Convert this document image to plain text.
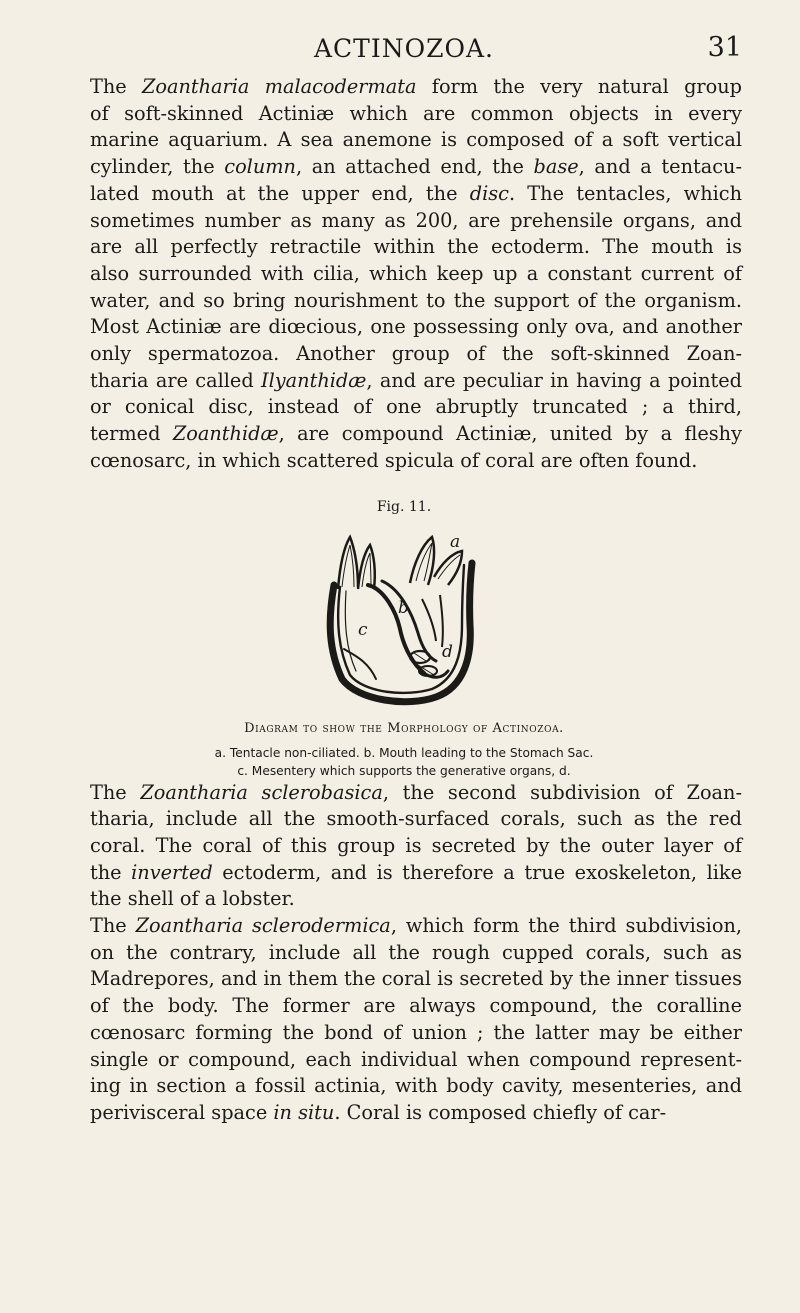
ACTINOZOA.	31

The Zoantharia malacodermata form the very natural group
of soft-skinned Actiniæ which are common objects in every
marine aquarium. A sea anemone is composed of a soft vertical
cylinder, the column, an attached end, the base, and a tentacu-
lated mouth at the upper end, the disc. The tentacles, which
sometimes number as many as 200, are prehensile organs, and
are all perfectly retractile within the ectoderm. The mouth is
also surrounded with cilia, which keep up a constant current of
water, and so bring nourishment to the support of the organism.
Most Actiniæ are diœcious, one possessing only ova, and another
only spermatozoa. Another group of the soft-skinned Zoan-
tharia are called Ilyanthidæ, and are peculiar in having a pointed
or conical disc, instead of one abruptly truncated ; a third,
termed Zoanthidæ, are compound Actiniæ, united by a fleshy
cœnosarc, in which scattered spicula of coral are often found.

Fig. 11.
a
b
c
d
Diagram to show the Morphology of Actinozoa.
a. Tentacle non-ciliated. b. Mouth leading to the Stomach Sac.
c. Mesentery which supports the generative organs, d.

The Zoantharia sclerobasica, the second subdivision of Zoan-
tharia, include all the smooth-surfaced corals, such as the red
coral. The coral of this group is secreted by the outer layer of
the inverted ectoderm, and is therefore a true exoskeleton, like
the shell of a lobster.

The Zoantharia sclerodermica, which form the third subdivision,
on the contrary, include all the rough cupped corals, such as
Madrepores, and in them the coral is secreted by the inner tissues
of the body. The former are always compound, the coralline
cœnosarc forming the bond of union ; the latter may be either
single or compound, each individual when compound represent-
ing in section a fossil actinia, with body cavity, mesenteries, and
perivisceral space in situ. Coral is composed chiefly of car-
